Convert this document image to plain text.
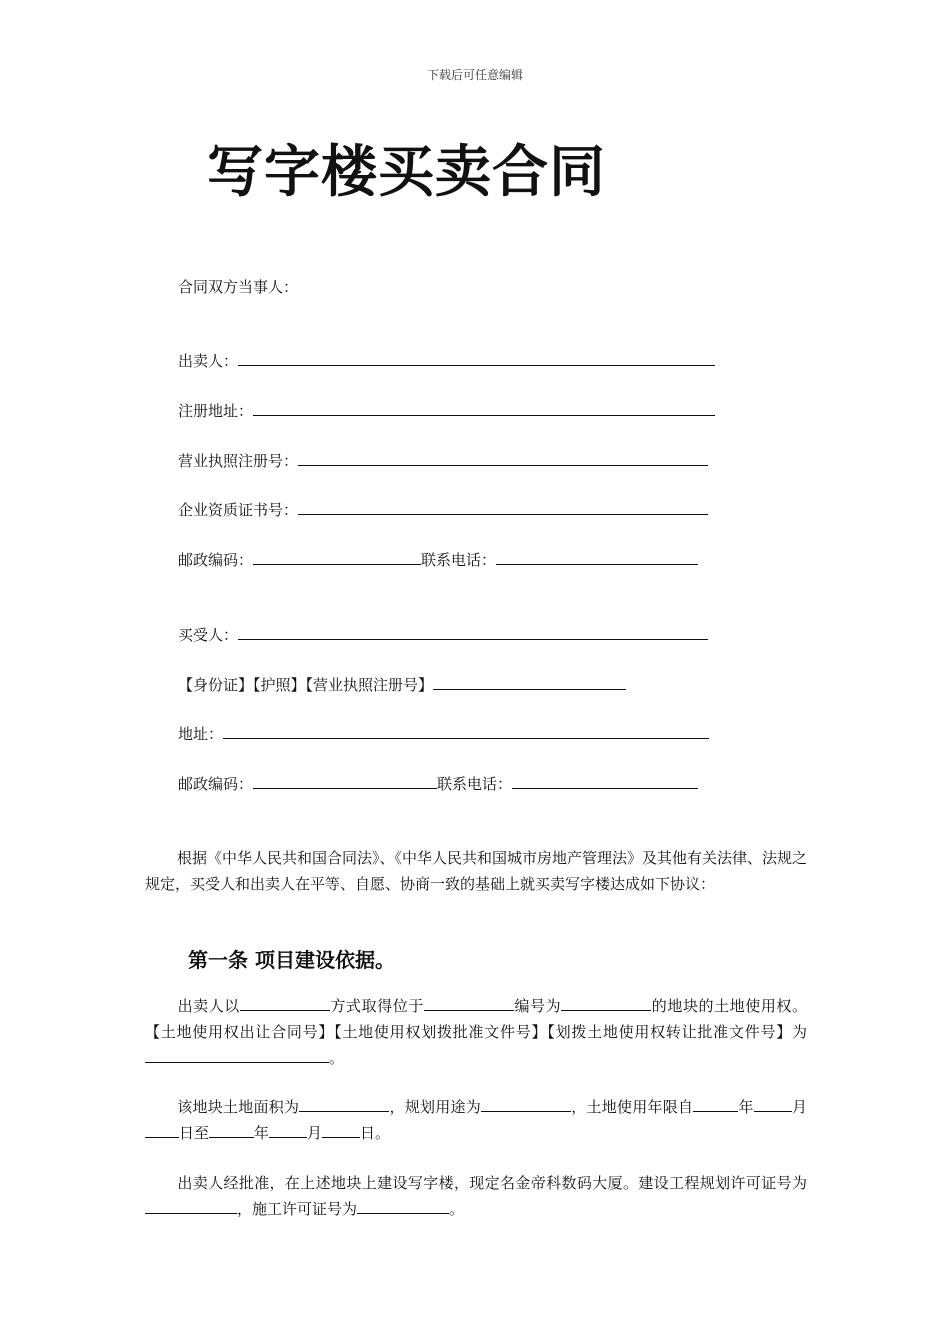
下载后可任意编辑
写字楼买卖合同
合同双方当事人：
出卖人：
注册地址：
营业执照注册号：
企业资质证书号：
邮政编码：	联系电话：
买受人：
【身份证】【护照】【营业执照注册号】
地址：
邮政编码：	联系电话：
根据《中华人民共和国合同法》、《中华人民共和国城市房地产管理法》及其他有关法律、法规之规定，买受人和出卖人在平等、自愿、协商一致的基础上就买卖写字楼达成如下协议：
第一条 项目建设依据。
出卖人以	方式取得位于	编号为	的地块的土地使用权。【土地使用权出让合同号】【土地使用权划拨批准文件号】【划拨土地使用权转让批准文件号】为。
该地块土地面积为	，规划用途为	，土地使用年限自	年	月日至	年	月	日。
出卖人经批准，在上述地块上建设写字楼，现定名金帝科数码大厦。建设工程规划许可证号为，施工许可证号为	。
